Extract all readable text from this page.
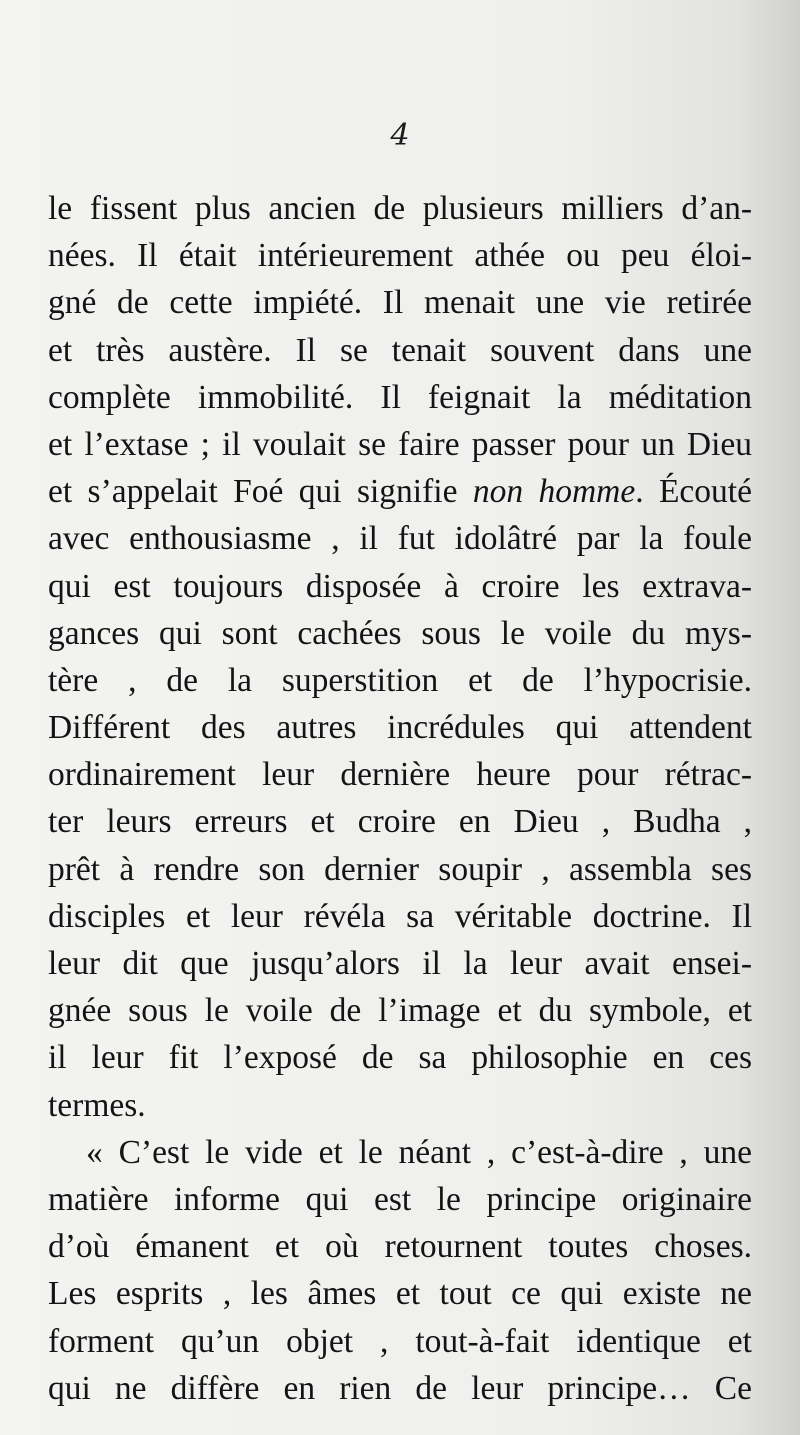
4
le fissent plus ancien de plusieurs milliers d’an-
nées. Il était intérieurement athée ou peu éloi-
gné de cette impiété. Il menait une vie retirée
et très austère. Il se tenait souvent dans une
complète immobilité. Il feignait la méditation
et l’extase ; il voulait se faire passer pour un Dieu
et s’appelait Foé qui signifie non homme. Écouté
avec enthousiasme , il fut idolâtré par la foule
qui est toujours disposée à croire les extrava-
gances qui sont cachées sous le voile du mys-
tère , de la superstition et de l’hypocrisie.
Différent des autres incrédules qui attendent
ordinairement leur dernière heure pour rétrac-
ter leurs erreurs et croire en Dieu , Budha ,
prêt à rendre son dernier soupir , assembla ses
disciples et leur révéla sa véritable doctrine. Il
leur dit que jusqu’alors il la leur avait ensei-
gnée sous le voile de l’image et du symbole, et
il leur fit l’exposé de sa philosophie en ces
termes.
« C’est le vide et le néant , c’est-à-dire , une
matière informe qui est le principe originaire
d’où émanent et où retournent toutes choses.
Les esprits , les âmes et tout ce qui existe ne
forment qu’un objet , tout-à-fait identique et
qui ne diffère en rien de leur principe… Ce
